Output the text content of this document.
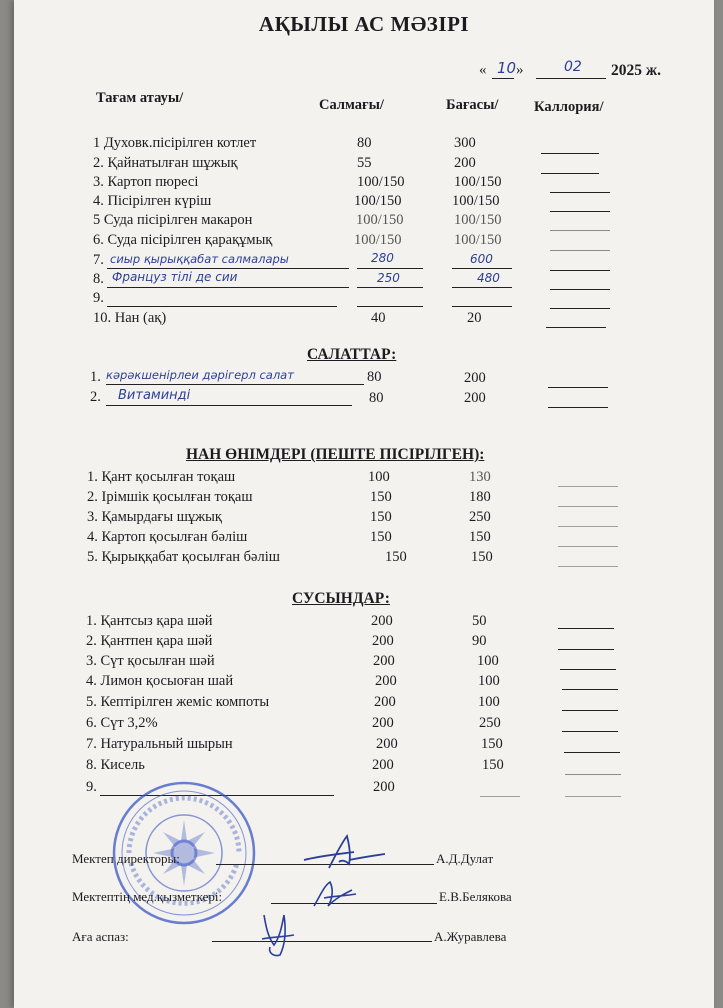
АҚЫЛЫ АС МӘЗІРІ
« 10 »	02 2025 ж.
Тағам атауы/	Салмағы/	Бағасы/ Каллория/
1 Духовк.пісірілген котлет	80	300
2. Қайнатылған шұжық	55	200
3. Картоп пюресі	100/150	100/150
4. Пісірілген күріш	100/150	100/150
5 Суда пісірілген макарон	100/150	100/150
6. Суда пісірілген қарақұмық	100/150	100/150
7. сиыр қырыққабат салмалары	280	600
8. Француз тілі де сии	250	480
9.
10. Нан (ақ)	40	20
САЛАТТАР:
1. кәрәкшенірлеи дәрігерл салат	80	200
2. Витаминді	80	200
НАН ӨНІМДЕРІ (ПЕШТЕ ПІСІРІЛГЕН):
1. Қант қосылған тоқаш	100	130
2. Ірімшік қосылған тоқаш	150	180
3. Қамырдағы шұжық	150	250
4. Картоп қосылған бәліш	150	150
5. Қырыққабат қосылған бәліш	150	150
СУСЫНДАР:
1. Қантсыз қара шәй	200	50
2. Қантпен қара шәй	200	90
3. Сүт қосылған шәй	200	100
4. Лимон қосыоған шай	200	100
5. Кептірілген жеміс компоты	200	100
6. Сүт 3,2%	200	250
7. Натуральный шырын	200	150
8. Кисель	200	150
9.	200
Мектеп директоры:	А.Д.Дулат
Мектептің мед.қызметкері:	Е.В.Белякова
Аға аспаз:	А.Журавлева
